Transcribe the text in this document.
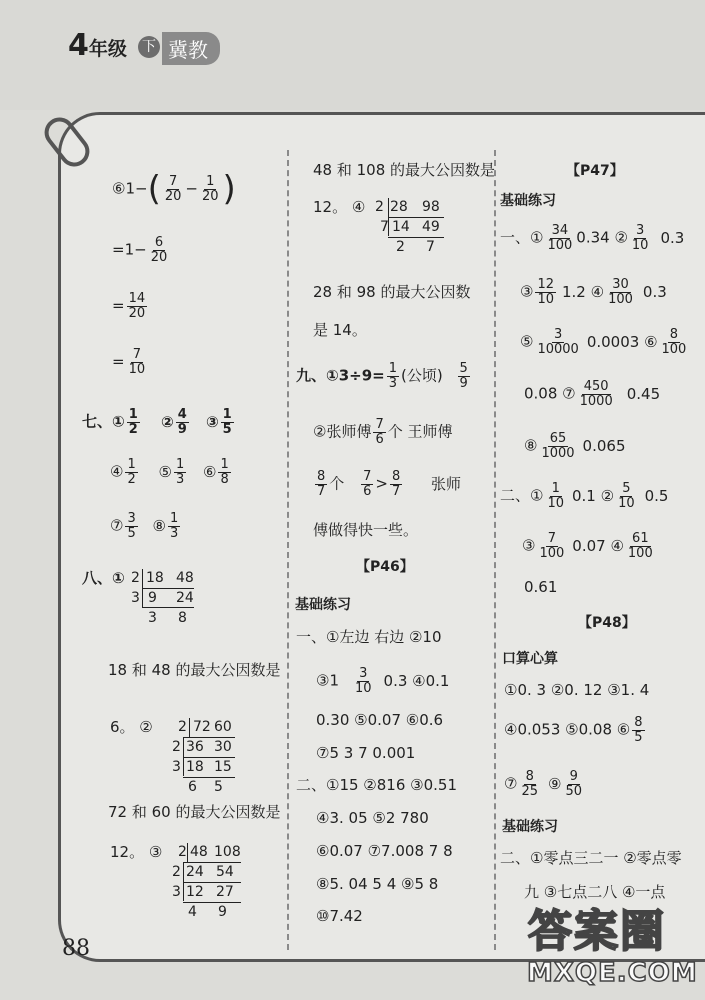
4年级 下 冀教
⑥1−( $\frac{7}{20} - \frac{1}{20}$ )
$=1- \frac{6}{20}$
= $\frac{14}{20}$
= $\frac{7}{10}$
七、① $\frac{1}{2}$ ② $\frac{4}{9}$ ③ $\frac{1}{5}$
④ $\frac{1}{2}$ ⑤ $\frac{1}{3}$ ⑥ $\frac{1}{8}$
⑦ $\frac{3}{5}$ ⑧ $\frac{1}{3}$
八、① 2 18 48
3 9 24
3 8
18 和 48 的最大公因数是
6。 ② 2 72 60
2 36 30
3 18 15
6 5
72 和 60 的最大公因数是
12。 ③ 2 48 108
2 24 54
3 12 27
4 9
48 和 108 的最大公因数是
12。 ④ 2 28 98
7 14 49
2 7
28 和 98 的最大公因数
是 14。
九、①3÷9= $\frac{1}{3}$ (公顷) $\frac{5}{9}$
②张师傅 $\frac{7}{6}$ 个 王师傅
$\frac{8}{7}$ 个 $\frac{7}{6} > \frac{8}{7}$ 张师
傅做得快一些。
【P46】
基础练习
一、①左边 右边 ②10
③1 $\frac{3}{10} 0.3$ ④0.1
0.30 ⑤0.07 ⑥0.6
⑦5 3 7 0.001
二、①15 ②816 ③0.51
④3. 05 ⑤2 780
⑥0.07 ⑦7.008 7 8
⑧5. 04 5 4 ⑨5 8
⑩7.42
【P47】
基础练习
一、① $\frac{34}{100} 0.34$ ② $\frac{3}{10} 0.3$
③ $\frac{12}{10} 1.2$ ④ $\frac{30}{100} 0.3$
⑤ $\frac{3}{10000} 0.0003$ ⑥ $\frac{8}{100}$
0.08 ⑦ $\frac{450}{1000} 0.45$
⑧ $\frac{65}{1000} 0.065$
二、① $\frac{1}{10} 0.1$ ② $\frac{5}{10} 0.5$
③ $\frac{7}{100} 0.07$ ④ $\frac{61}{100}$
0.61
【P48】
口算心算
①0. 3 ②0. 12 ③1. 4
④0.053 ⑤0.08 ⑥ $\frac{8}{5}$
⑦ $\frac{8}{25}$ ⑨ $\frac{9}{50}$
基础练习
二、①零点三二一 ②零点零
九 ③七点二八 ④一点
88	答案圈
MXQE.COM
